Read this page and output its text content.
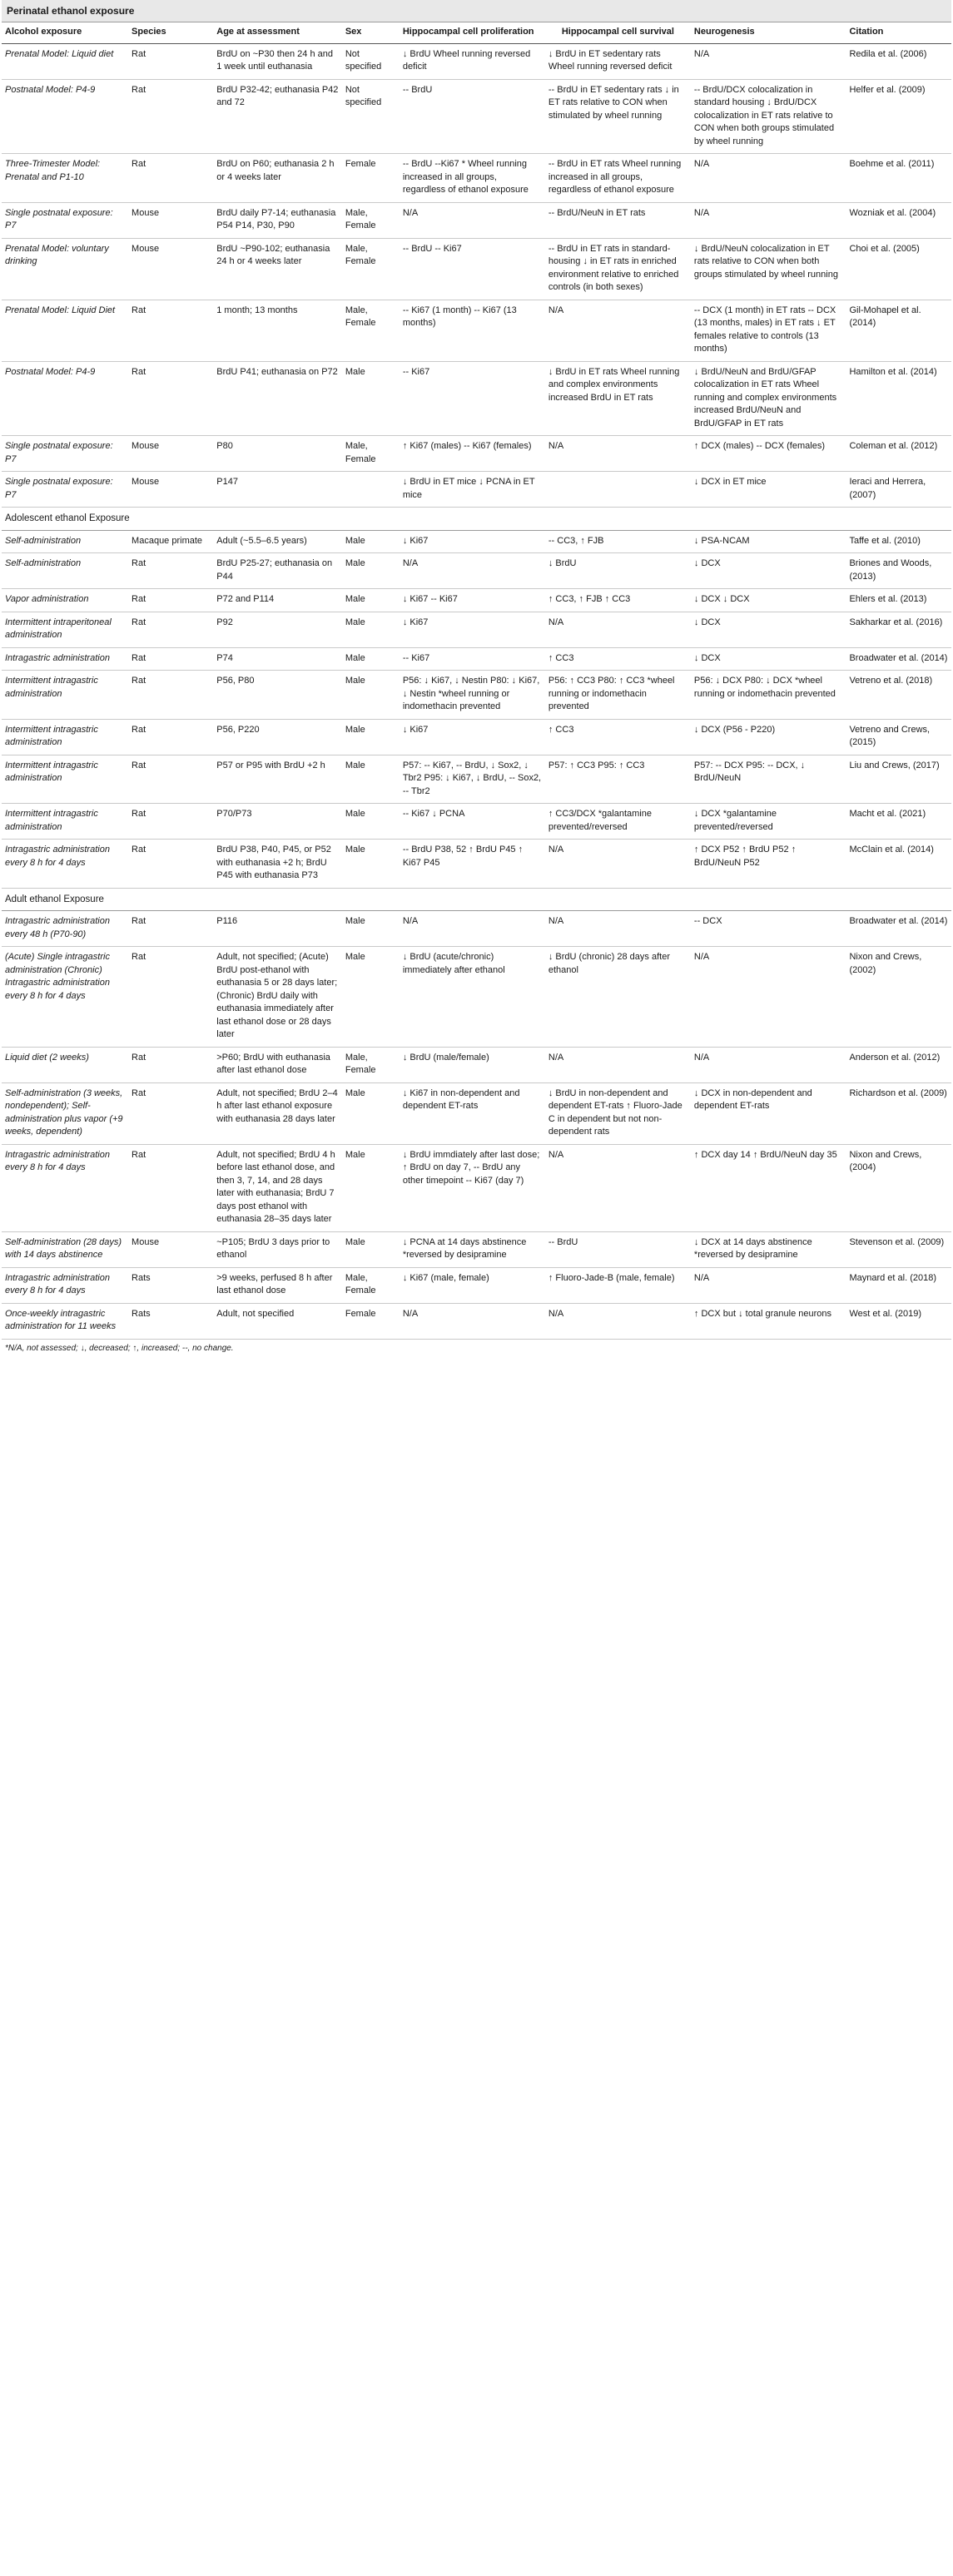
Perinatal ethanol exposure
Alcohol exposure	Species	Age at assessment	Sex	Hippocampal cell proliferation	Hippocampal cell survival	Neurogenesis	Citation
Prenatal Model: Liquid diet	Rat	BrdU on ~P30 then 24 h and 1 week until euthanasia	Not specified	↓ BrdU Wheel running reversed deficit	↓ BrdU in ET sedentary rats Wheel running reversed deficit	N/A	Redila et al. (2006)
Postnatal Model: P4-9	Rat	BrdU P32-42; euthanasia P42 and 72	Not specified	-- BrdU	-- BrdU in ET sedentary rats ↓ in ET rats relative to CON when stimulated by wheel running	-- BrdU/DCX colocalization in standard housing ↓ BrdU/DCX colocalization in ET rats relative to CON when both groups stimulated by wheel running	Helfer et al. (2009)
Three-Trimester Model: Prenatal and P1-10	Rat	BrdU on P60; euthanasia 2 h or 4 weeks later	Female	-- BrdU --Ki67 * Wheel running increased in all groups, regardless of ethanol exposure	-- BrdU in ET rats Wheel running increased in all groups, regardless of ethanol exposure	N/A	Boehme et al. (2011)
Single postnatal exposure: P7	Mouse	BrdU daily P7-14; euthanasia P54 P14, P30, P90	Male, Female	N/A	-- BrdU/NeuN in ET rats	N/A	Wozniak et al. (2004)
Prenatal Model: voluntary drinking	Mouse	BrdU ~P90-102; euthanasia 24 h or 4 weeks later	Male, Female	-- BrdU -- Ki67	-- BrdU in ET rats in standard-housing ↓ in ET rats in enriched environment relative to enriched controls (in both sexes)	↓ BrdU/NeuN colocalization in ET rats relative to CON when both groups stimulated by wheel running	Choi et al. (2005)
Prenatal Model: Liquid Diet	Rat	1 month; 13 months	Male, Female	-- Ki67 (1 month) -- Ki67 (13 months)	N/A	-- DCX (1 month) in ET rats -- DCX (13 months, males) in ET rats ↓ ET females relative to controls (13 months)	Gil-Mohapel et al. (2014)
Postnatal Model: P4-9	Rat	BrdU P41; euthanasia on P72	Male	-- Ki67	↓ BrdU in ET rats Wheel running and complex environments increased BrdU in ET rats	↓ BrdU/NeuN and BrdU/GFAP colocalization in ET rats Wheel running and complex environments increased BrdU/NeuN and BrdU/GFAP in ET rats	Hamilton et al. (2014)
Single postnatal exposure: P7	Mouse	P80	Male, Female	↑ Ki67 (males) -- Ki67 (females)	N/A	↑ DCX (males) -- DCX (females)	Coleman et al. (2012)
Single postnatal exposure: P7	Mouse	P147		↓ BrdU in ET mice ↓ PCNA in ET mice		↓ DCX in ET mice	Ieraci and Herrera, (2007)
Adolescent ethanol Exposure							
Self-administration	Macaque primate	Adult (~5.5–6.5 years)	Male	↓ Ki67	-- CC3, ↑ FJB	↓ PSA-NCAM	Taffe et al. (2010)
Self-administration	Rat	BrdU P25-27; euthanasia on P44	Male	N/A	↓ BrdU	↓ DCX	Briones and Woods, (2013)
Vapor administration	Rat	P72 and P114	Male	↓ Ki67 -- Ki67	↑ CC3, ↑ FJB ↑ CC3	↓ DCX ↓ DCX	Ehlers et al. (2013)
Intermittent intraperitoneal administration	Rat	P92	Male	↓ Ki67	N/A	↓ DCX	Sakharkar et al. (2016)
Intragastric administration	Rat	P74	Male	-- Ki67	↑ CC3	↓ DCX	Broadwater et al. (2014)
Intermittent intragastric administration	Rat	P56, P80	Male	P56: ↓ Ki67, ↓ Nestin P80: ↓ Ki67, ↓ Nestin *wheel running or indomethacin prevented	P56: ↑ CC3 P80: ↑ CC3 *wheel running or indomethacin prevented	P56: ↓ DCX P80: ↓ DCX *wheel running or indomethacin prevented	Vetreno et al. (2018)
Intermittent intragastric administration	Rat	P56, P220	Male	↓ Ki67	↑ CC3	↓ DCX (P56 - P220)	Vetreno and Crews, (2015)
Intermittent intragastric administration	Rat	P57 or P95 with BrdU +2 h	Male	P57: -- Ki67, -- BrdU, ↓ Sox2, ↓ Tbr2 P95: ↓ Ki67, ↓ BrdU, -- Sox2, -- Tbr2	P57: ↑ CC3 P95: ↑ CC3	P57: -- DCX P95: -- DCX, ↓ BrdU/NeuN	Liu and Crews, (2017)
Intermittent intragastric administration	Rat	P70/P73	Male	-- Ki67 ↓ PCNA	↑ CC3/DCX *galantamine prevented/reversed	↓ DCX *galantamine prevented/reversed	Macht et al. (2021)
Intragastric administration every 8 h for 4 days	Rat	BrdU P38, P40, P45, or P52 with euthanasia +2 h; BrdU P45 with euthanasia P73	Male	-- BrdU P38, 52 ↑ BrdU P45 ↑ Ki67 P45	N/A	↑ DCX P52 ↑ BrdU P52 ↑ BrdU/NeuN P52	McClain et al. (2014)
Adult ethanol Exposure							
Intragastric administration every 48 h (P70-90)	Rat	P116	Male	N/A	N/A	-- DCX	Broadwater et al. (2014)
(Acute) Single intragastric administration (Chronic) Intragastric administration every 8 h for 4 days	Rat	Adult, not specified; (Acute) BrdU post-ethanol with euthanasia 5 or 28 days later; (Chronic) BrdU daily with euthanasia immediately after last ethanol dose or 28 days later	Male	↓ BrdU (acute/chronic) immediately after ethanol	↓ BrdU (chronic) 28 days after ethanol	N/A	Nixon and Crews, (2002)
Liquid diet (2 weeks)	Rat	>P60; BrdU with euthanasia after last ethanol dose	Male, Female	↓ BrdU (male/female)	N/A	N/A	Anderson et al. (2012)
Self-administration (3 weeks, nondependent); Self-administration plus vapor (+9 weeks, dependent)	Rat	Adult, not specified; BrdU 2–4 h after last ethanol exposure with euthanasia 28 days later	Male	↓ Ki67 in non-dependent and dependent ET-rats	↓ BrdU in non-dependent and dependent ET-rats ↑ Fluoro-Jade C in dependent but not non-dependent rats	↓ DCX in non-dependent and dependent ET-rats	Richardson et al. (2009)
Intragastric administration every 8 h for 4 days	Rat	Adult, not specified; BrdU 4 h before last ethanol dose, and then 3, 7, 14, and 28 days later with euthanasia; BrdU 7 days post ethanol with euthanasia 28–35 days later	Male	↓ BrdU immdiately after last dose; ↑ BrdU on day 7, -- BrdU any other timepoint -- Ki67 (day 7)	N/A	↑ DCX day 14 ↑ BrdU/NeuN day 35	Nixon and Crews, (2004)
Self-administration (28 days) with 14 days abstinence	Mouse	~P105; BrdU 3 days prior to ethanol	Male	↓ PCNA at 14 days abstinence *reversed by desipramine	-- BrdU	↓ DCX at 14 days abstinence *reversed by desipramine	Stevenson et al. (2009)
Intragastric administration every 8 h for 4 days	Rats	>9 weeks, perfused 8 h after last ethanol dose	Male, Female	↓ Ki67 (male, female)	↑ Fluoro-Jade-B (male, female)	N/A	Maynard et al. (2018)
Once-weekly intragastric administration for 11 weeks	Rats	Adult, not specified	Female	N/A	N/A	↑ DCX but ↓ total granule neurons	West et al. (2019)
*N/A, not assessed; ↓, decreased; ↑, increased; --, no change.
